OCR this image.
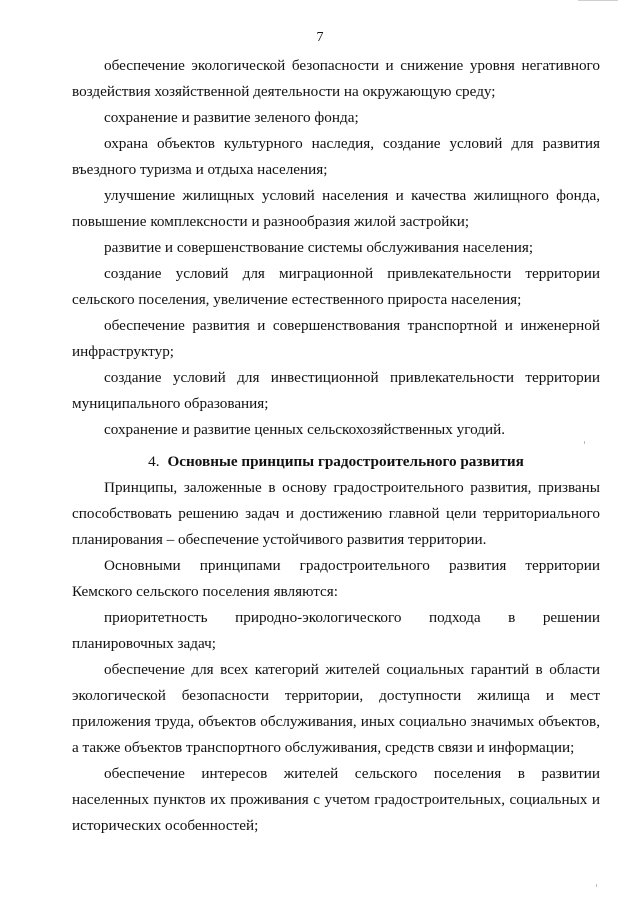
7

обеспечение экологической безопасности и снижение уровня негативного воздействия хозяйственной деятельности на окружающую среду;

сохранение и развитие зеленого фонда;

охрана объектов культурного наследия, создание условий для развития въездного туризма и отдыха населения;

улучшение жилищных условий населения и качества жилищного фонда, повышение комплексности и разнообразия жилой застройки;

развитие и совершенствование системы обслуживания населения;

создание условий для миграционной привлекательности территории сельского поселения, увеличение естественного прироста населения;

обеспечение развития и совершенствования транспортной и инженерной инфраструктур;

создание условий для инвестиционной привлекательности территории муниципального образования;

сохранение и развитие ценных сельскохозяйственных угодий.

4. Основные принципы градостроительного развития

Принципы, заложенные в основу градостроительного развития, призваны способствовать решению задач и достижению главной цели территориального планирования – обеспечение устойчивого развития территории.

Основными принципами градостроительного развития территории Кемского сельского поселения являются:

приоритетность природно-экологического подхода в решении планировочных задач;

обеспечение для всех категорий жителей социальных гарантий в области экологической безопасности территории, доступности жилища и мест приложения труда, объектов обслуживания, иных социально значимых объектов, а также объектов транспортного обслуживания, средств связи и информации;

обеспечение интересов жителей сельского поселения в развитии населенных пунктов их проживания с учетом градостроительных, социальных и исторических особенностей;
